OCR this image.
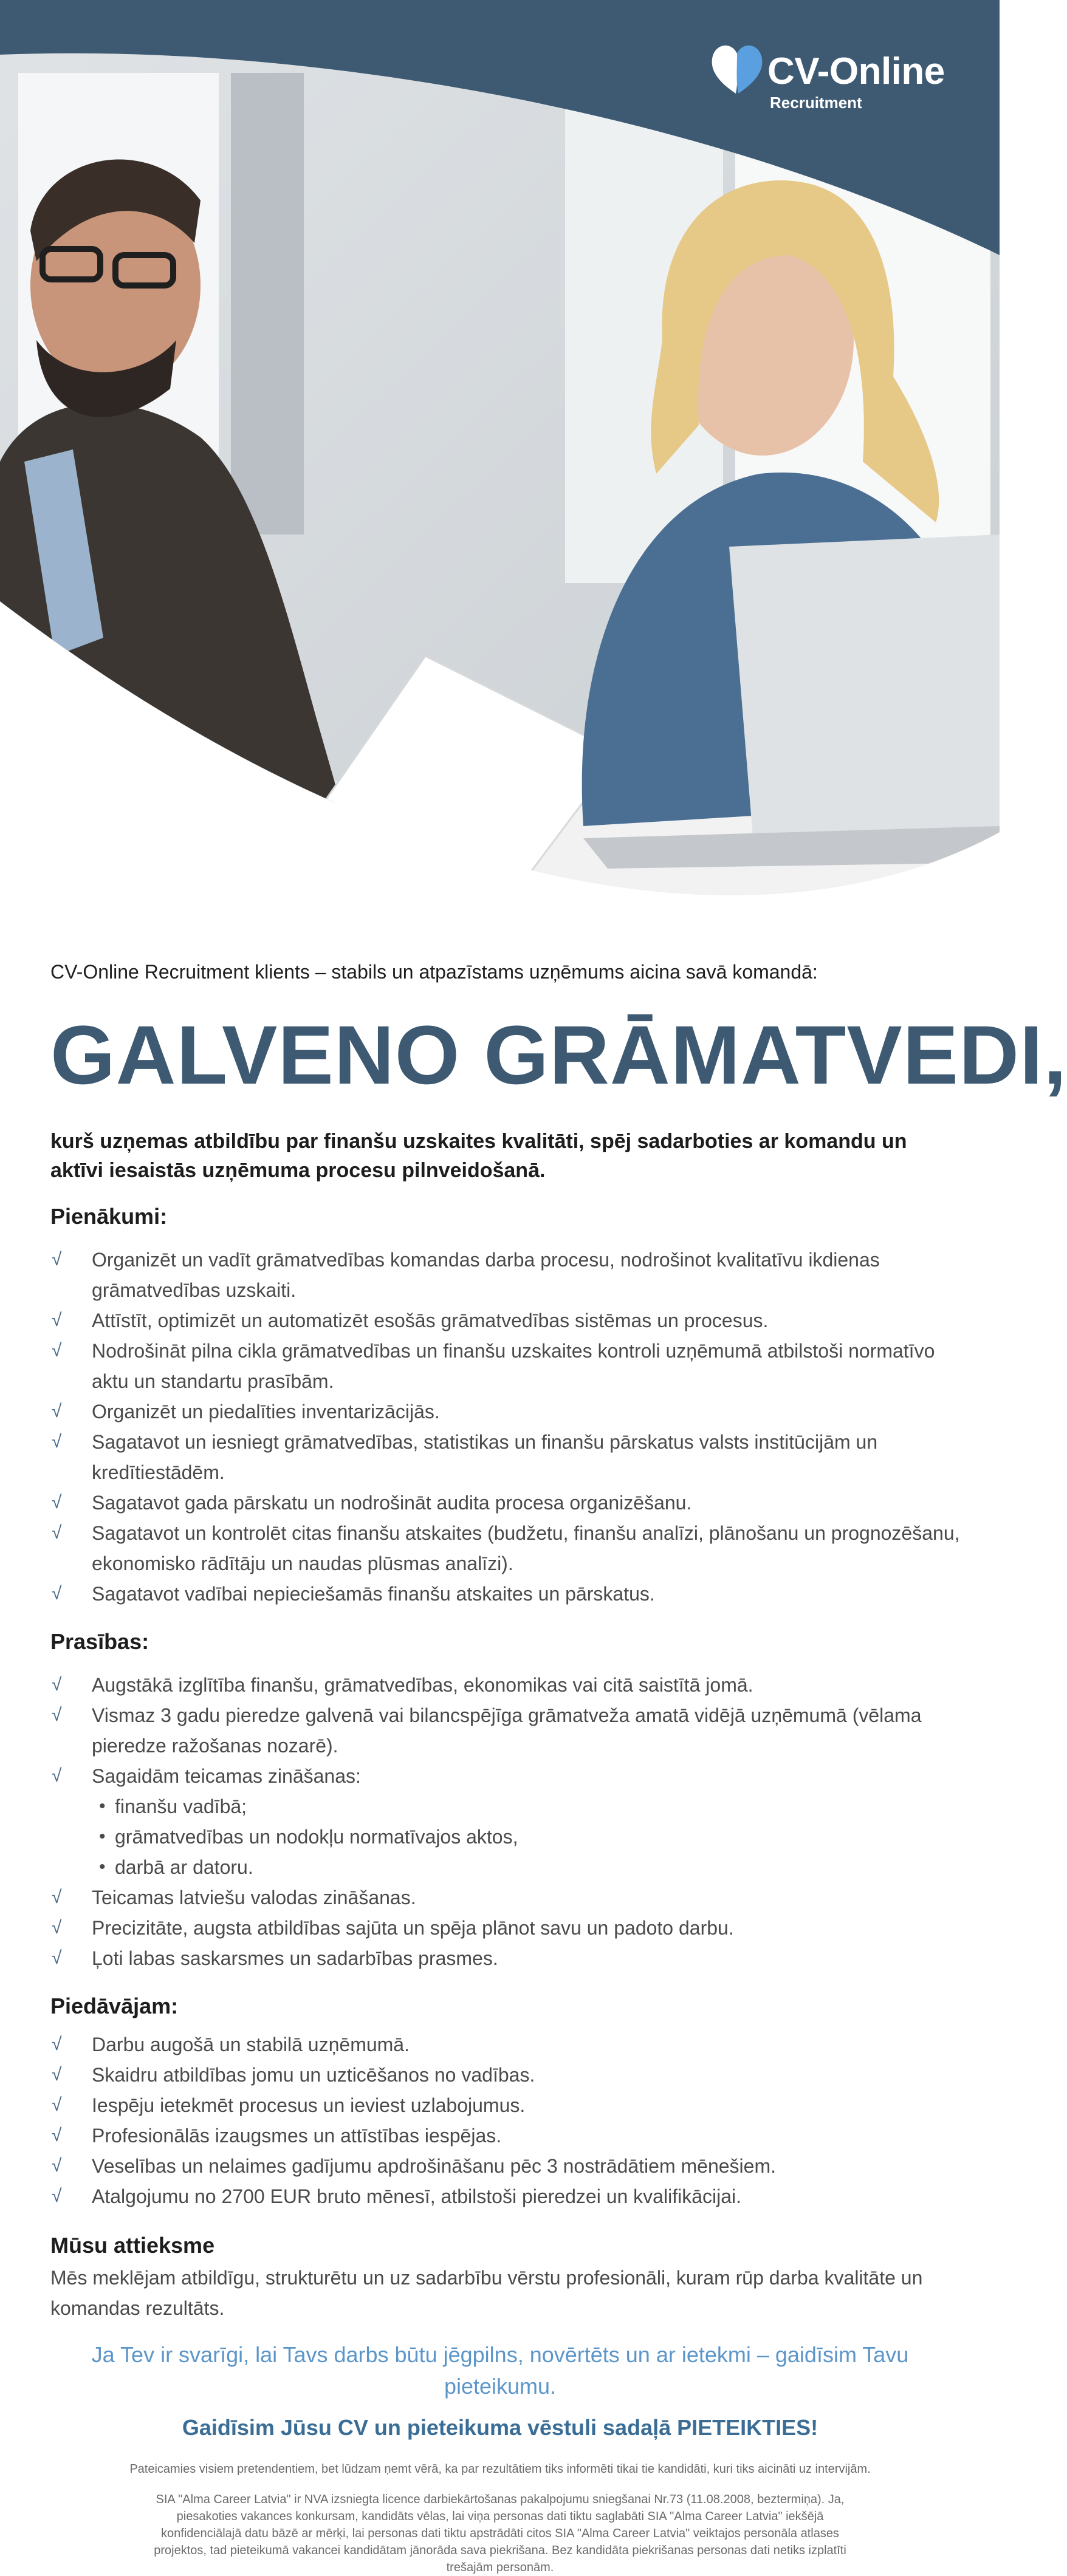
CV-Online
Recruitment

CV-Online Recruitment klients – stabils un atpazīstams uzņēmums aicina savā komandā:

GALVENO GRĀMATVEDI,

kurš uzņemas atbildību par finanšu uzskaites kvalitāti, spēj sadarboties ar komandu un aktīvi iesaistās uzņēmuma procesu pilnveidošanā.

Pienākumi:
√ Organizēt un vadīt grāmatvedības komandas darba procesu, nodrošinot kvalitatīvu ikdienas grāmatvedības uzskaiti.
√ Attīstīt, optimizēt un automatizēt esošās grāmatvedības sistēmas un procesus.
√ Nodrošināt pilna cikla grāmatvedības un finanšu uzskaites kontroli uzņēmumā atbilstoši normatīvo aktu un standartu prasībām.
√ Organizēt un piedalīties inventarizācijās.
√ Sagatavot un iesniegt grāmatvedības, statistikas un finanšu pārskatus valsts institūcijām un kredītiestādēm.
√ Sagatavot gada pārskatu un nodrošināt audita procesa organizēšanu.
√ Sagatavot un kontrolēt citas finanšu atskaites (budžetu, finanšu analīzi, plānošanu un prognozēšanu, ekonomisko rādītāju un naudas plūsmas analīzi).
√ Sagatavot vadībai nepieciešamās finanšu atskaites un pārskatus.
Prasības:
√ Augstākā izglītība finanšu, grāmatvedības, ekonomikas vai citā saistītā jomā.
√ Vismaz 3 gadu pieredze galvenā vai bilancspējīga grāmatveža amatā vidējā uzņēmumā (vēlama pieredze ražošanas nozarē).
√ Sagaidām teicamas zināšanas:
• finanšu vadībā;
• grāmatvedības un nodokļu normatīvajos aktos,
• darbā ar datoru.
√ Teicamas latviešu valodas zināšanas.
√ Precizitāte, augsta atbildības sajūta un spēja plānot savu un padoto darbu.
√ Ļoti labas saskarsmes un sadarbības prasmes.
Piedāvājam:
√ Darbu augošā un stabilā uzņēmumā.
√ Skaidru atbildības jomu un uzticēšanos no vadības.
√ Iespēju ietekmēt procesus un ieviest uzlabojumus.
√ Profesionālās izaugsmes un attīstības iespējas.
√ Veselības un nelaimes gadījumu apdrošināšanu pēc 3 nostrādātiem mēnešiem.
√ Atalgojumu no 2700 EUR bruto mēnesī, atbilstoši pieredzei un kvalifikācijai.
Mūsu attieksme

Mēs meklējam atbildīgu, strukturētu un uz sadarbību vērstu profesionāli, kuram rūp darba kvalitāte un komandas rezultāts.

Ja Tev ir svarīgi, lai Tavs darbs būtu jēgpilns, novērtēts un ar ietekmi – gaidīsim Tavu pieteikumu.

Gaidīsim Jūsu CV un pieteikuma vēstuli sadaļā PIETEIKTIES!

Pateicamies visiem pretendentiem, bet lūdzam ņemt vērā, ka par rezultātiem tiks informēti tikai tie kandidāti, kuri tiks aicināti uz intervijām.

SIA "Alma Career Latvia" ir NVA izsniegta licence darbiekārtošanas pakalpojumu sniegšanai Nr.73 (11.08.2008, beztermiņa). Ja, piesakoties vakances konkursam, kandidāts vēlas, lai viņa personas dati tiktu saglabāti SIA "Alma Career Latvia" iekšējā konfidenciālajā datu bāzē ar mērķi, lai personas dati tiktu apstrādāti citos SIA "Alma Career Latvia" veiktajos personāla atlases projektos, tad pieteikumā vakancei kandidātam jānorāda sava piekrišana. Bez kandidāta piekrišanas personas dati netiks izplatīti trešajām personām.
